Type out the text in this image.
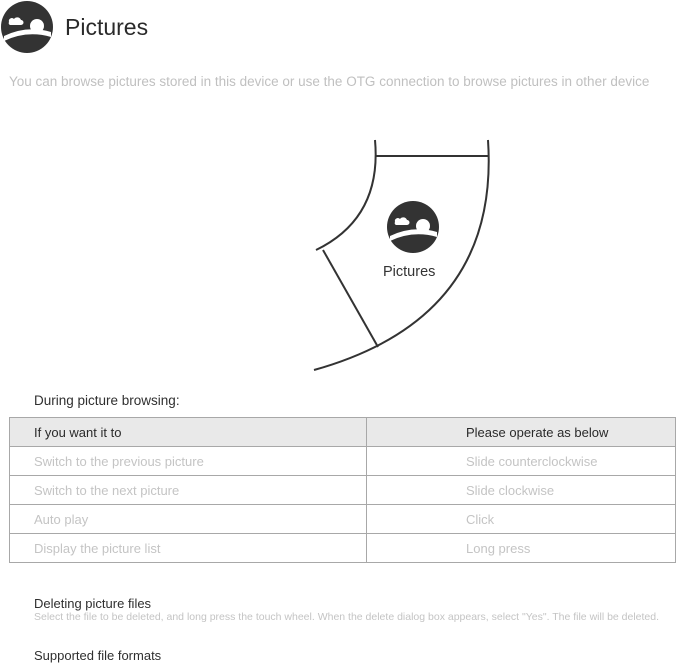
Pictures
You can browse pictures stored in this device or use the OTG connection to browse pictures in other device
Pictures
During picture browsing:
If you want it to	Please operate as below
Switch to the previous picture	Slide counterclockwise
Switch to the next picture	Slide clockwise
Auto play	Click
Display the picture list	Long press
Deleting picture files
Select the file to be deleted, and long press the touch wheel. When the delete dialog box appears, select "Yes". The file will be deleted.
Supported file formats
